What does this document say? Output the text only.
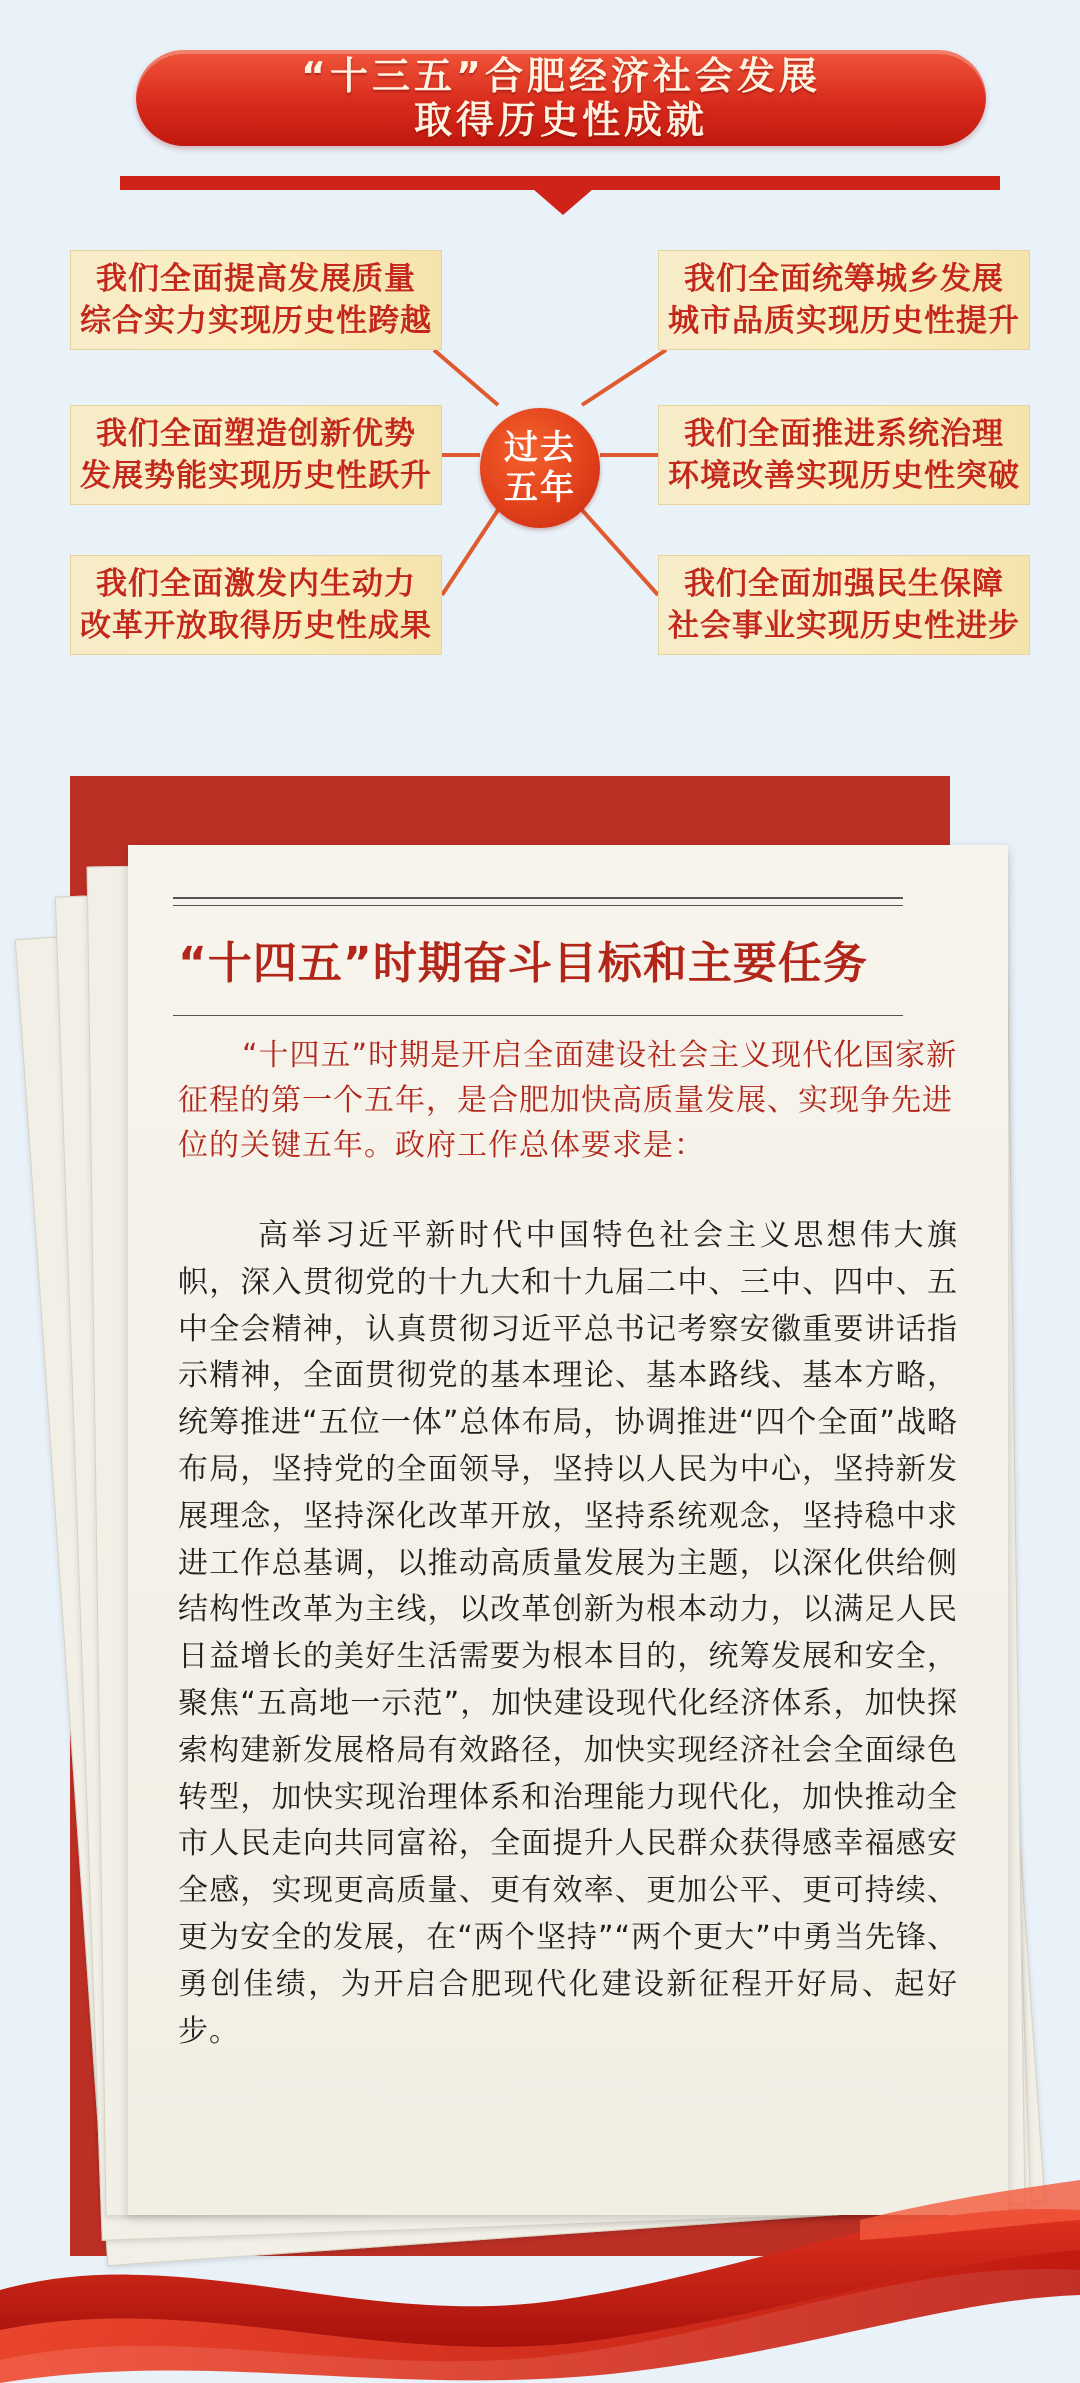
“十三五”合肥经济社会发展
取得历史性成就
过去
五年
我们全面提高发展质量
综合实力实现历史性跨越
我们全面塑造创新优势
发展势能实现历史性跃升
我们全面激发内生动力
改革开放取得历史性成果
我们全面统筹城乡发展
城市品质实现历史性提升
我们全面推进系统治理
环境改善实现历史性突破
我们全面加强民生保障
社会事业实现历史性进步
“十四五”时期奋斗目标和主要任务

“十四五”时期是开启全面建设社会主义现代化国家新征程的第一个五年，是合肥加快高质量发展、实现争先进位的关键五年。政府工作总体要求是：

高举习近平新时代中国特色社会主义思想伟大旗帜，深入贯彻党的十九大和十九届二中、三中、四中、五中全会精神，认真贯彻习近平总书记考察安徽重要讲话指示精神，全面贯彻党的基本理论、基本路线、基本方略，统筹推进“五位一体”总体布局，协调推进“四个全面”战略布局，坚持党的全面领导，坚持以人民为中心，坚持新发展理念，坚持深化改革开放，坚持系统观念，坚持稳中求进工作总基调，以推动高质量发展为主题，以深化供给侧结构性改革为主线，以改革创新为根本动力，以满足人民日益增长的美好生活需要为根本目的，统筹发展和安全，聚焦“五高地一示范”，加快建设现代化经济体系，加快探索构建新发展格局有效路径，加快实现经济社会全面绿色转型，加快实现治理体系和治理能力现代化，加快推动全市人民走向共同富裕，全面提升人民群众获得感幸福感安全感，实现更高质量、更有效率、更加公平、更可持续、更为安全的发展，在“两个坚持”“两个更大”中勇当先锋、勇创佳绩，为开启合肥现代化建设新征程开好局、起好步。
